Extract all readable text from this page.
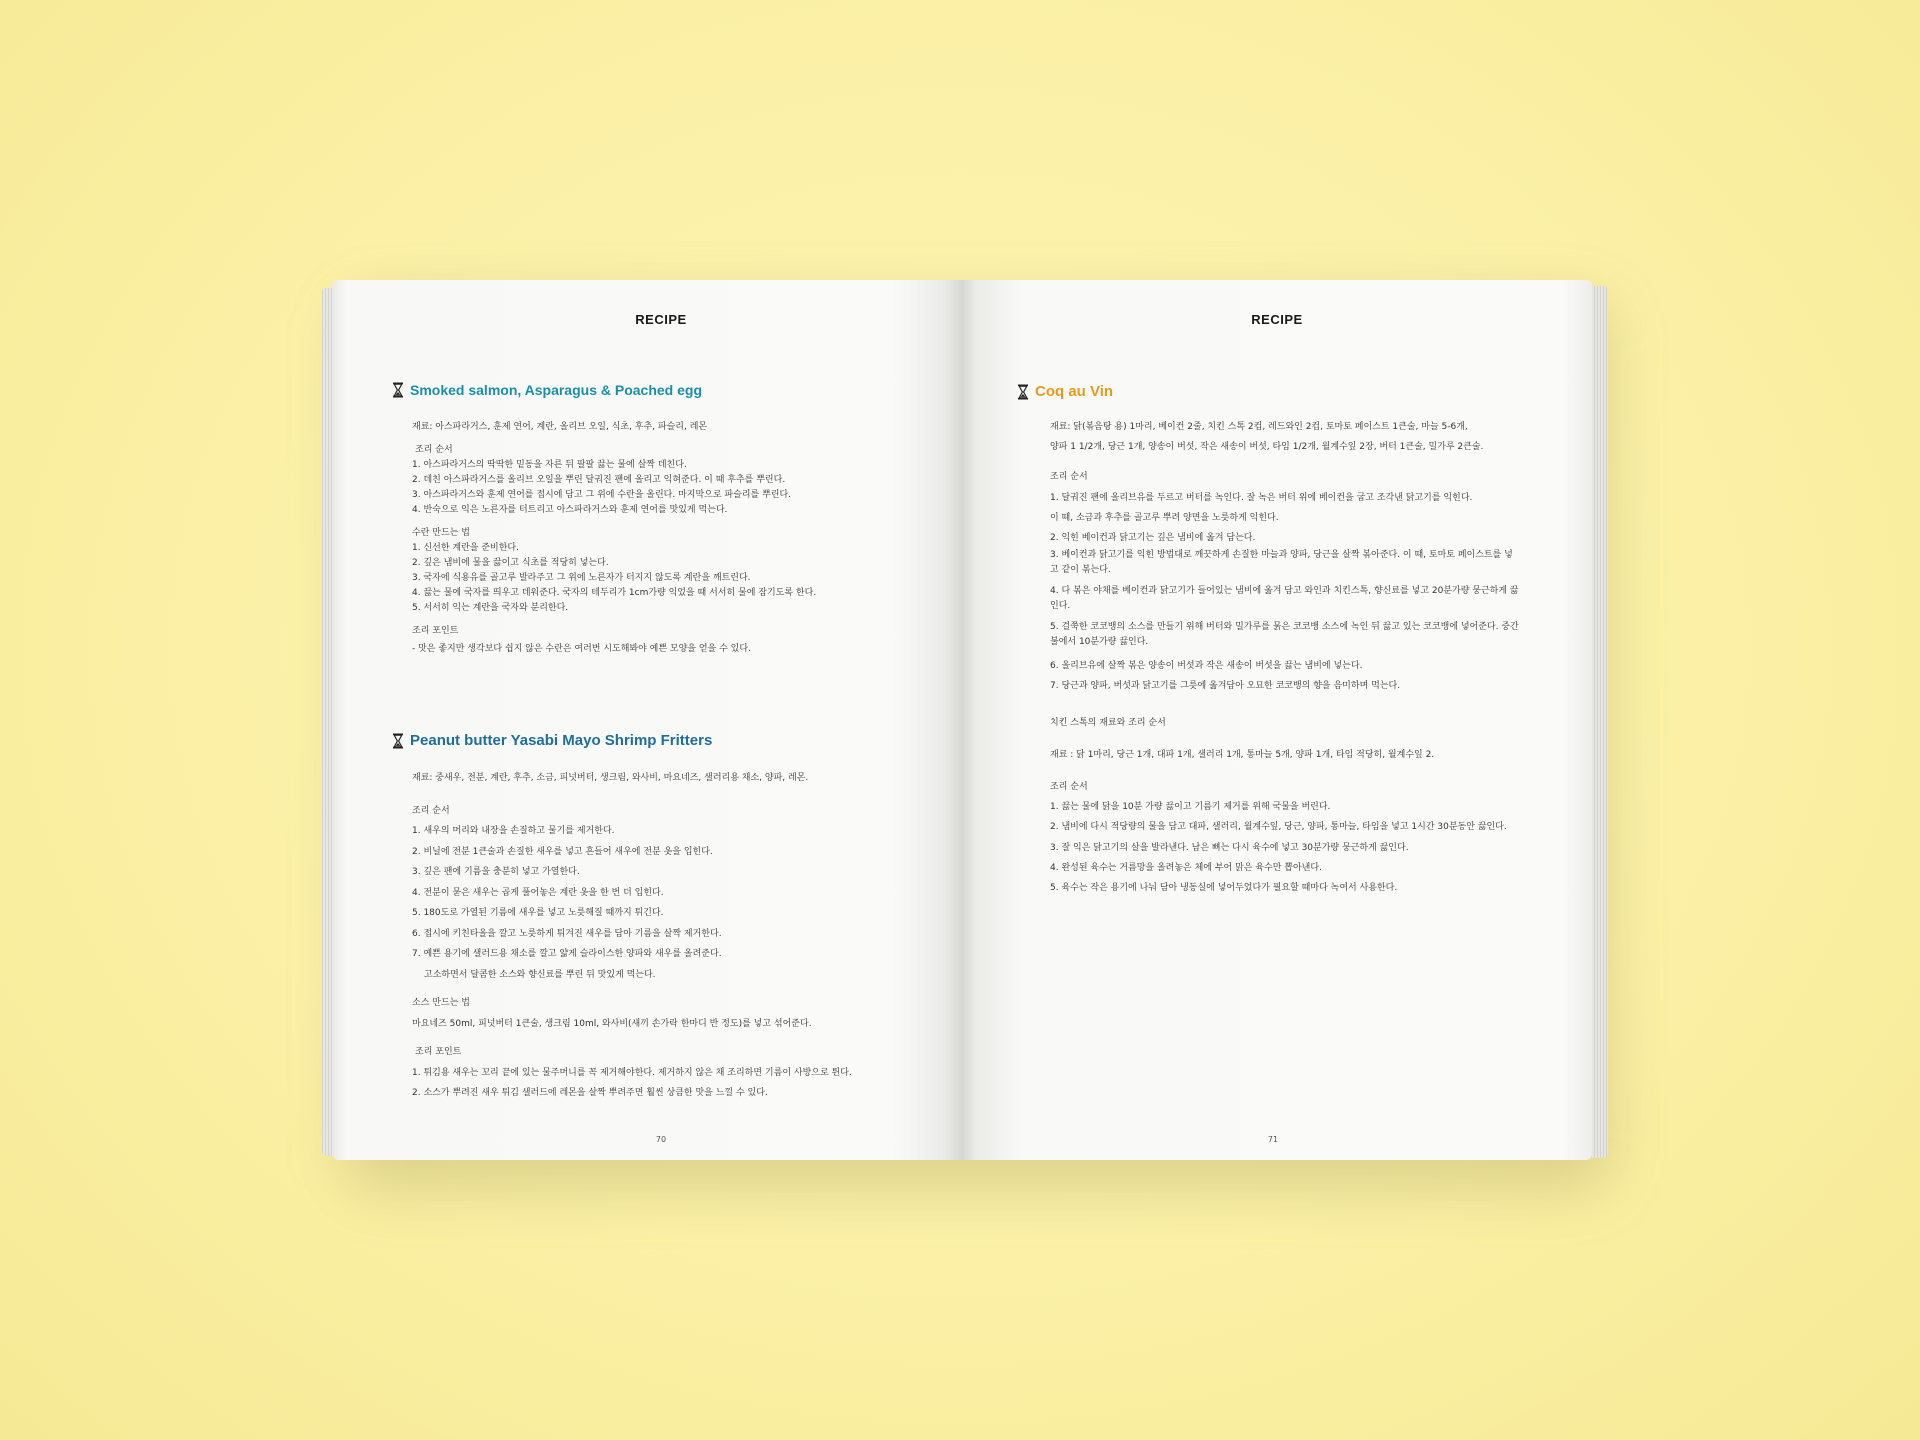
RECIPE
Smoked salmon, Asparagus & Poached egg

재료: 아스파라거스, 훈제 연어, 계란, 올리브 오일, 식초, 후추, 파슬리, 레몬

조리 순서

1. 아스파라거스의 딱딱한 밑동을 자른 뒤 팔팔 끓는 물에 살짝 데친다.

2. 데친 아스파라거스를 올리브 오일을 뿌린 달궈진 팬에 올리고 익혀준다. 이 때 후추를 뿌린다.

3. 아스파라거스와 훈제 연어를 접시에 담고 그 위에 수란을 올린다. 마지막으로 파슬리를 뿌린다.

4. 반숙으로 익은 노른자를 터트리고 아스파라거스와 훈제 연어를 맛있게 먹는다.

수란 만드는 법

1. 신선한 계란을 준비한다.

2. 깊은 냄비에 물을 끓이고 식초를 적당히 넣는다.

3. 국자에 식용유를 골고루 발라주고 그 위에 노른자가 터지지 않도록 계란을 깨트린다.

4. 끓는 물에 국자를 띄우고 데워준다. 국자의 테두리가 1cm가량 익었을 때 서서히 물에 잠기도록 한다.

5. 서서히 익는 계란을 국자와 분리한다.

조리 포인트

- 맛은 좋지만 생각보다 쉽지 않은 수란은 여러번 시도해봐야 예쁜 모양을 얻을 수 있다.

Peanut butter Yasabi Mayo Shrimp Fritters

재료: 중새우, 전분, 계란, 후추, 소금, 피넛버터, 생크림, 와사비, 마요네즈, 샐러리용 채소, 양파, 레몬.

조리 순서

1. 새우의 머리와 내장을 손질하고 물기를 제거한다.

2. 비닐에 전분 1큰술과 손질한 새우를 넣고 흔들어 새우에 전분 옷을 입힌다.

3. 깊은 팬에 기름을 충분히 넣고 가열한다.

4. 전분이 묻은 새우는 곱게 풀어놓은 계란 옷을 한 번 더 입힌다.

5. 180도로 가열된 기름에 새우를 넣고 노릇해질 때까지 튀긴다.

6. 접시에 키친타올을 깔고 노릇하게 튀겨진 새우를 담아 기름을 살짝 제거한다.

7. 예쁜 용기에 샐러드용 채소를 깔고 얇게 슬라이스한 양파와 새우를 올려준다.

고소하면서 달콤한 소스와 향신료를 뿌린 뒤 맛있게 먹는다.

소스 만드는 법

마요네즈 50ml, 피넛버터 1큰술, 생크림 10ml, 와사비(새끼 손가락 한마디 반 정도)를 넣고 섞어준다.

조리 포인트

1. 튀김용 새우는 꼬리 끝에 있는 물주머니를 꼭 제거해야한다. 제거하지 않은 채 조리하면 기름이 사방으로 튄다.

2. 소스가 뿌려진 새우 튀김 샐러드에 레몬을 살짝 뿌려주면 훨씬 상큼한 맛을 느낄 수 있다.

70
RECIPE
Coq au Vin

재료: 닭(볶음탕 용) 1마리, 베이컨 2줄, 치킨 스톡 2컵, 레드와인 2컵, 토마토 페이스트 1큰술, 마늘 5-6개,

양파 1 1/2개, 당근 1개, 양송이 버섯, 작은 새송이 버섯, 타임 1/2개, 월계수잎 2장, 버터 1큰술, 밀가루 2큰술.

조리 순서

1. 달궈진 팬에 올리브유를 두르고 버터를 녹인다. 잘 녹은 버터 위에 베이컨을 굽고 조각낸 닭고기를 익힌다.

이 때, 소금과 후추를 골고루 뿌려 양면을 노릇하게 익힌다.

2. 익힌 베이컨과 닭고기는 깊은 냄비에 옮겨 담는다.

3. 베이컨과 닭고기를 익힌 방법대로 깨끗하게 손질한 마늘과 양파, 당근을 살짝 볶아준다. 이 때, 토마토 페이스트를 넣

고 같이 볶는다.

4. 다 볶은 야채를 베이컨과 닭고기가 들어있는 냄비에 옮겨 담고 와인과 치킨스톡, 향신료를 넣고 20분가량 뭉근하게 끓

인다.

5. 걸쭉한 코코뱅의 소스를 만들기 위해 버터와 밀가루를 묽은 코코뱅 소스에 녹인 뒤 끓고 있는 코코뱅에 넣어준다. 중간

불에서 10분가량 끓인다.

6. 올리브유에 살짝 볶은 양송이 버섯과 작은 새송이 버섯을 끓는 냄비에 넣는다.

7. 당근과 양파, 버섯과 닭고기를 그릇에 옮겨담아 오묘한 코코뱅의 향을 음미하며 먹는다.

치킨 스톡의 재료와 조리 순서

재료 : 닭 1마리, 당근 1개, 대파 1개, 샐러리 1개, 통마늘 5개, 양파 1개, 타임 적당히, 월계수잎 2.

조리 순서

1. 끓는 물에 닭을 10분 가량 끓이고 기름기 제거를 위해 국물을 버린다.

2. 냄비에 다시 적당량의 물을 담고 대파, 샐러리, 월계수잎, 당근, 양파, 통마늘, 타임을 넣고 1시간 30분동안 끓인다.

3. 잘 익은 닭고기의 살을 발라낸다. 남은 뼈는 다시 육수에 넣고 30분가량 뭉근하게 끓인다.

4. 완성된 육수는 거름망을 올려놓은 체에 부어 맑은 육수만 뽑아낸다.

5. 육수는 작은 용기에 나눠 담아 냉동실에 넣어두었다가 필요할 때마다 녹여서 사용한다.

71
